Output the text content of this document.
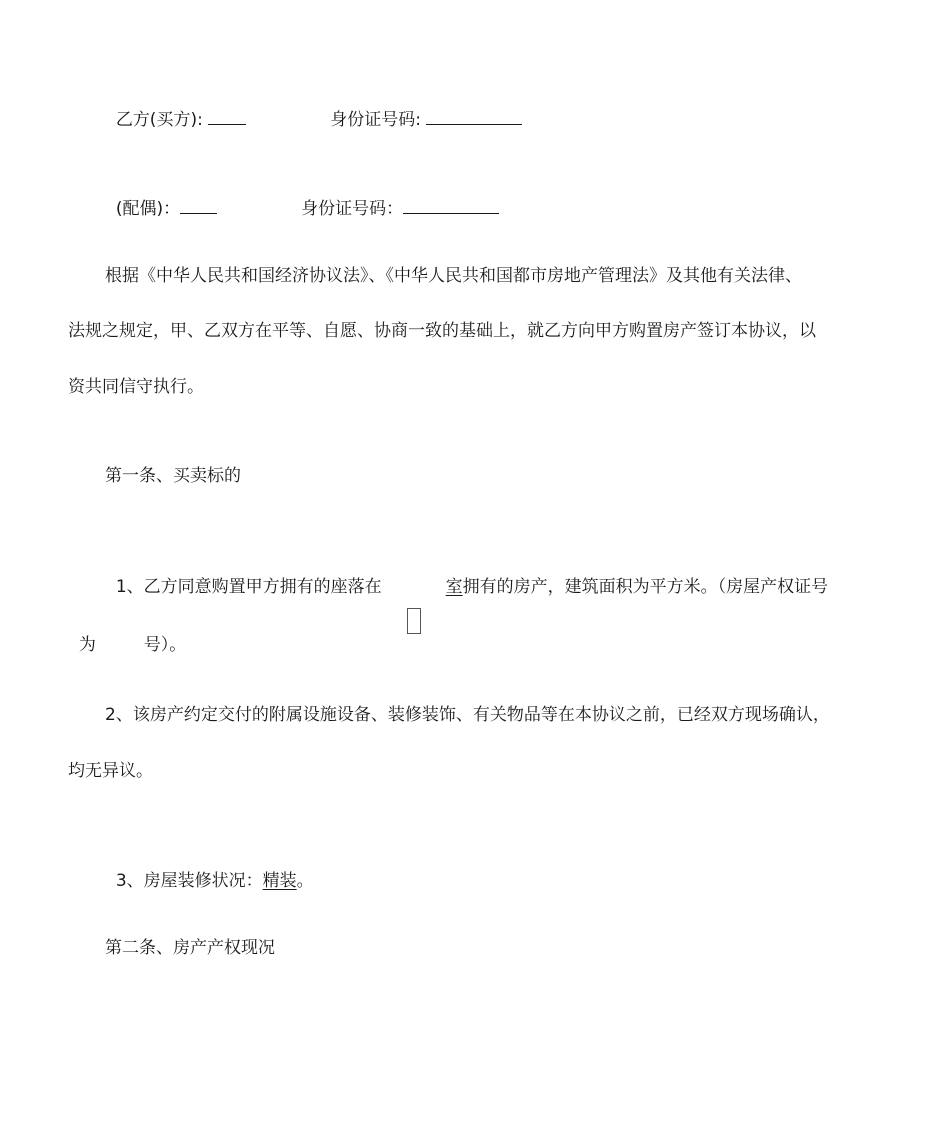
乙方(买方):	身份证号码:

(配偶)：	身份证号码：

根据《中华人民共和国经济协议法》、《中华人民共和国都市房地产管理法》及其他有关法律、
法规之规定，甲、乙双方在平等、自愿、协商一致的基础上，就乙方向甲方购置房产签订本协议，以
资共同信守执行。
第一条、买卖标的

1、乙方同意购置甲方拥有的座落在	室拥有的房产，建筑面积为平方米。（房屋产权证号

为	号）。

2、该房产约定交付的附属设施设备、装修装饰、有关物品等在本协议之前，已经双方现场确认，
均无异议。

3、房屋装修状况：精装。

第二条、房产产权现况
